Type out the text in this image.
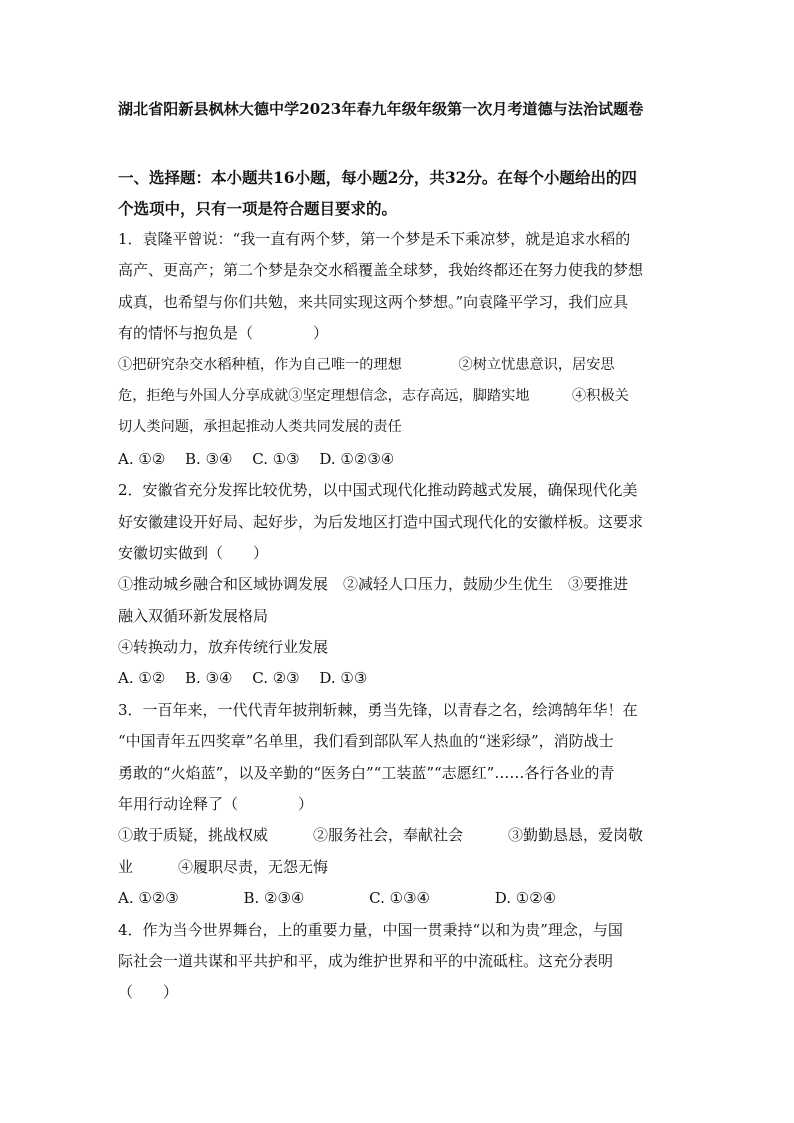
湖北省阳新县枫林大德中学2023年春九年级年级第一次月考道德与法治试题卷
一、选择题：本小题共16小题，每小题2分，共32分。在每个小题给出的四
个选项中，只有一项是符合题目要求的。
1．袁隆平曾说：“我一直有两个梦，第一个梦是禾下乘凉梦，就是追求水稻的
高产、更高产；第二个梦是杂交水稻覆盖全球梦，我始终都还在努力使我的梦想
成真，也希望与你们共勉，来共同实现这两个梦想。”向袁隆平学习，我们应具
有的情怀与抱负是（　　　　）
①把研究杂交水稻种植，作为自己唯一的理想　　　　②树立忧患意识，居安思
危，拒绝与外国人分享成就③坚定理想信念，志存高远，脚踏实地　　　④积极关
切人类问题，承担起推动人类共同发展的责任
A. ①②　 B. ③④　 C. ①③　 D. ①②③④
2．安徽省充分发挥比较优势，以中国式现代化推动跨越式发展，确保现代化美
好安徽建设开好局、起好步，为后发地区打造中国式现代化的安徽样板。这要求
安徽切实做到（　　）
①推动城乡融合和区域协调发展　②减轻人口压力，鼓励少生优生　③要推进
融入双循环新发展格局
④转换动力，放弃传统行业发展
A. ①②　 B. ③④　 C. ②③　 D. ①③
3．一百年来，一代代青年披荆斩棘，勇当先锋，以青春之名，绘鸿鹄年华！在
“中国青年五四奖章”名单里，我们看到部队军人热血的“迷彩绿”，消防战士
勇敢的“火焰蓝”，以及辛勤的“医务白”“工装蓝”“志愿红”……各行各业的青
年用行动诠释了（　　　　）
①敢于质疑，挑战权威　　　②服务社会，奉献社会　　　③勤勤恳恳，爱岗敬
业　　　④履职尽责，无怨无悔
A. ①②③　　　　 B. ②③④　　　　 C. ①③④　　　　 D. ①②④
4．作为当今世界舞台，上的重要力量，中国一贯秉持“以和为贵”理念，与国
际社会一道共谋和平共护和平，成为维护世界和平的中流砥柱。这充分表明
（　　）
